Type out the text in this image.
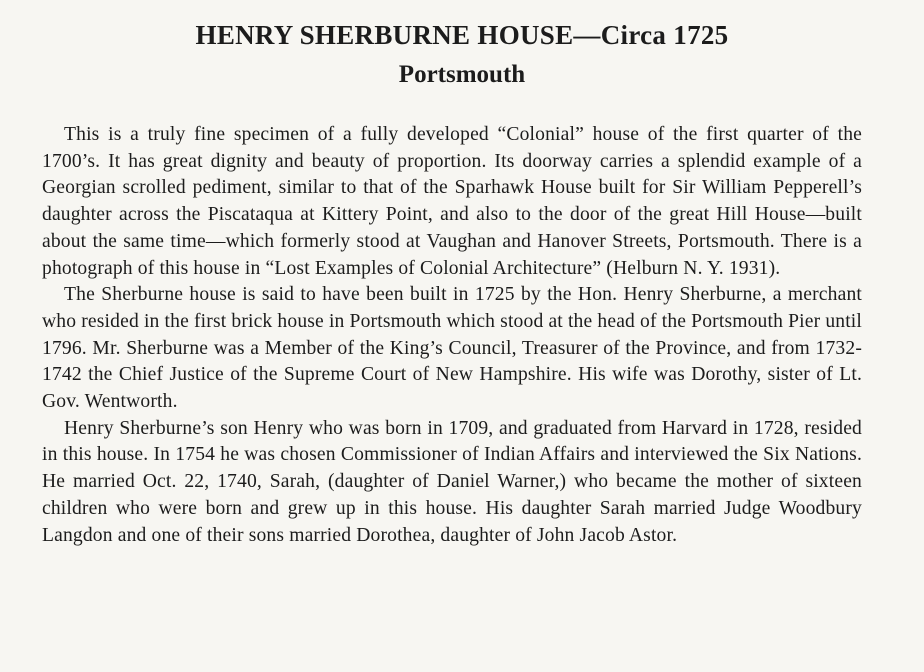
HENRY SHERBURNE HOUSE—Circa 1725
Portsmouth

This is a truly fine specimen of a fully developed “Colonial” house of the first quarter of the 1700’s. It has great dignity and beauty of proportion. Its doorway carries a splendid example of a Georgian scrolled pediment, similar to that of the Sparhawk House built for Sir William Pepperell’s daughter across the Piscataqua at Kittery Point, and also to the door of the great Hill House—built about the same time—which formerly stood at Vaughan and Hanover Streets, Portsmouth. There is a photograph of this house in “Lost Examples of Colonial Architecture” (Helburn N. Y. 1931).

The Sherburne house is said to have been built in 1725 by the Hon. Henry Sherburne, a merchant who resided in the first brick house in Portsmouth which stood at the head of the Portsmouth Pier until 1796. Mr. Sherburne was a Member of the King’s Council, Treasurer of the Province, and from 1732-1742 the Chief Justice of the Supreme Court of New Hampshire. His wife was Dorothy, sister of Lt. Gov. Wentworth.

Henry Sherburne’s son Henry who was born in 1709, and graduated from Harvard in 1728, resided in this house. In 1754 he was chosen Commissioner of Indian Affairs and interviewed the Six Nations. He married Oct. 22, 1740, Sarah, (daughter of Daniel Warner,) who became the mother of sixteen children who were born and grew up in this house. His daughter Sarah married Judge Woodbury Langdon and one of their sons married Dorothea, daughter of John Jacob Astor.
